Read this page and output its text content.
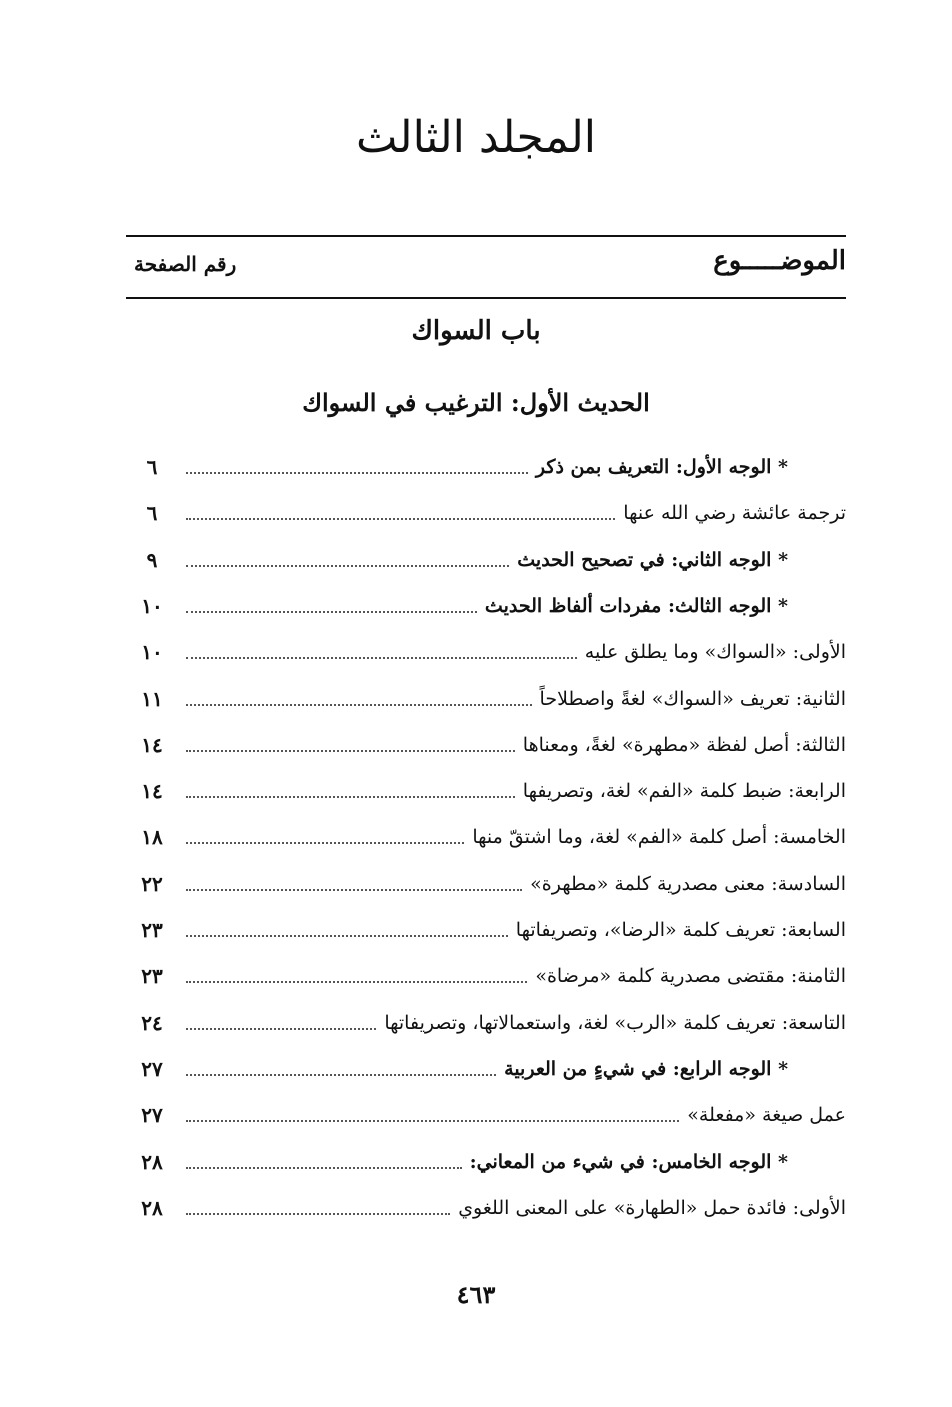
المجلد الثالث
الموضـــــوع
رقم الصفحة
باب السواك
الحديث الأول: الترغيب في السواك
* الوجه الأول: التعريف بمن ذكر
٦
ترجمة عائشة رضي الله عنها
٦
* الوجه الثاني: في تصحيح الحديث
٩
* الوجه الثالث: مفردات ألفاظ الحديث
١٠
الأولى: «السواك» وما يطلق عليه
١٠
الثانية: تعريف «السواك» لغةً واصطلاحاً
١١
الثالثة: أصل لفظة «مطهرة» لغةً، ومعناها
١٤
الرابعة: ضبط كلمة «الفم» لغة، وتصريفها
١٤
الخامسة: أصل كلمة «الفم» لغة، وما اشتقّ منها
١٨
السادسة: معنى مصدرية كلمة «مطهرة»
٢٢
السابعة: تعريف كلمة «الرضا»، وتصريفاتها
٢٣
الثامنة: مقتضى مصدرية كلمة «مرضاة»
٢٣
التاسعة: تعريف كلمة «الرب» لغة، واستعمالاتها، وتصريفاتها
٢٤
* الوجه الرابع: في شيءٍ من العربية
٢٧
عمل صيغة «مفعلة»
٢٧
* الوجه الخامس: في شيء من المعاني:
٢٨
الأولى: فائدة حمل «الطهارة» على المعنى اللغوي
٢٨
٤٦٣
